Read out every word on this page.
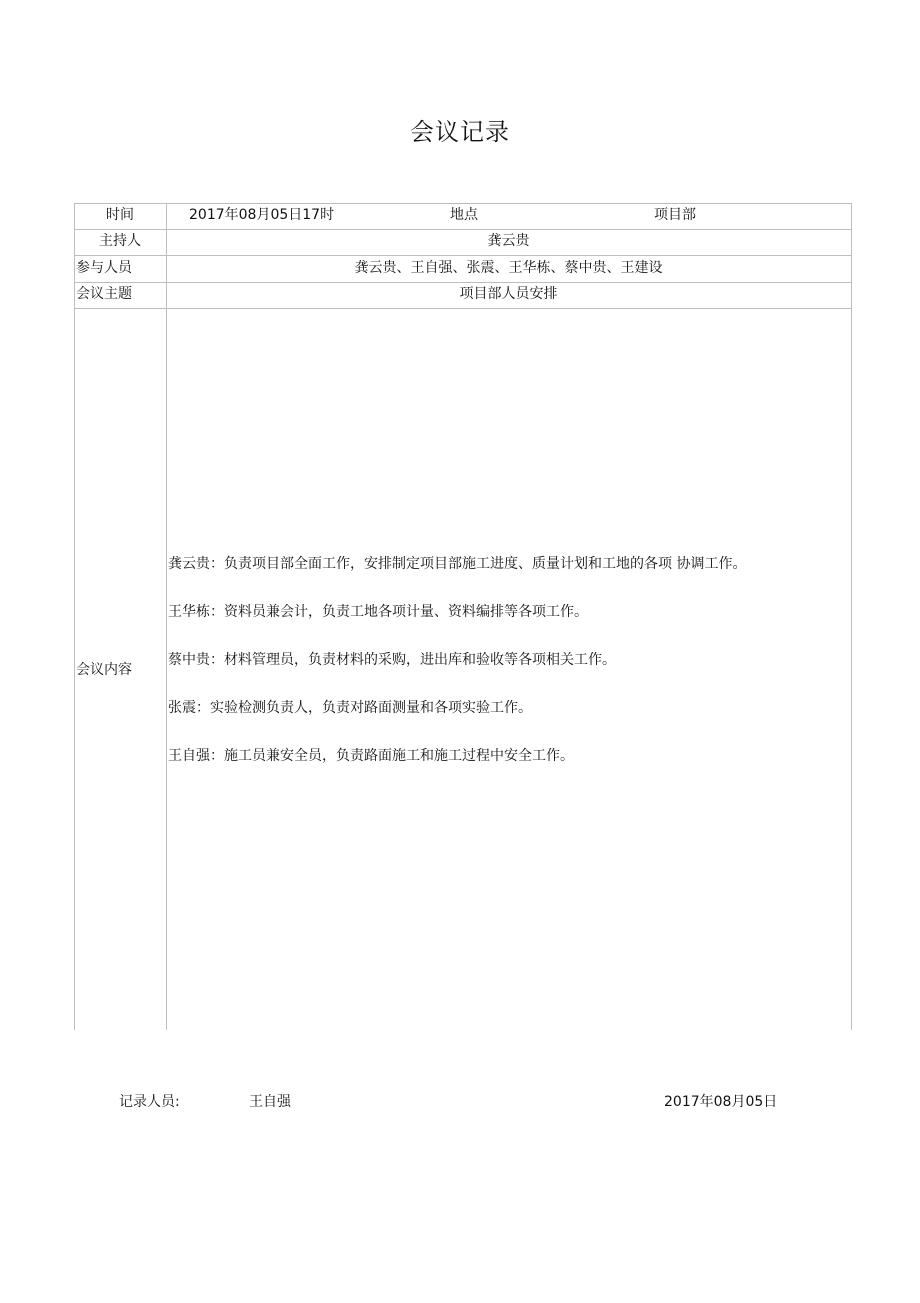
会议记录
时间	2017年08月05日17时	地点	项目部
主持人	龚云贵
参与人员	龚云贵、王自强、张震、王华栋、蔡中贵、王建设
会议主题	项目部人员安排
会议内容
龚云贵：负责项目部全面工作，安排制定项目部施工进度、质量计划和工地的各项 协调工作。
王华栋：资料员兼会计，负责工地各项计量、资料编排等各项工作。
蔡中贵：材料管理员，负责材料的采购，进出库和验收等各项相关工作。
张震：实验检测负责人，负责对路面测量和各项实验工作。
王自强：施工员兼安全员，负责路面施工和施工过程中安全工作。
记录人员:	王自强	2017年08月05日
